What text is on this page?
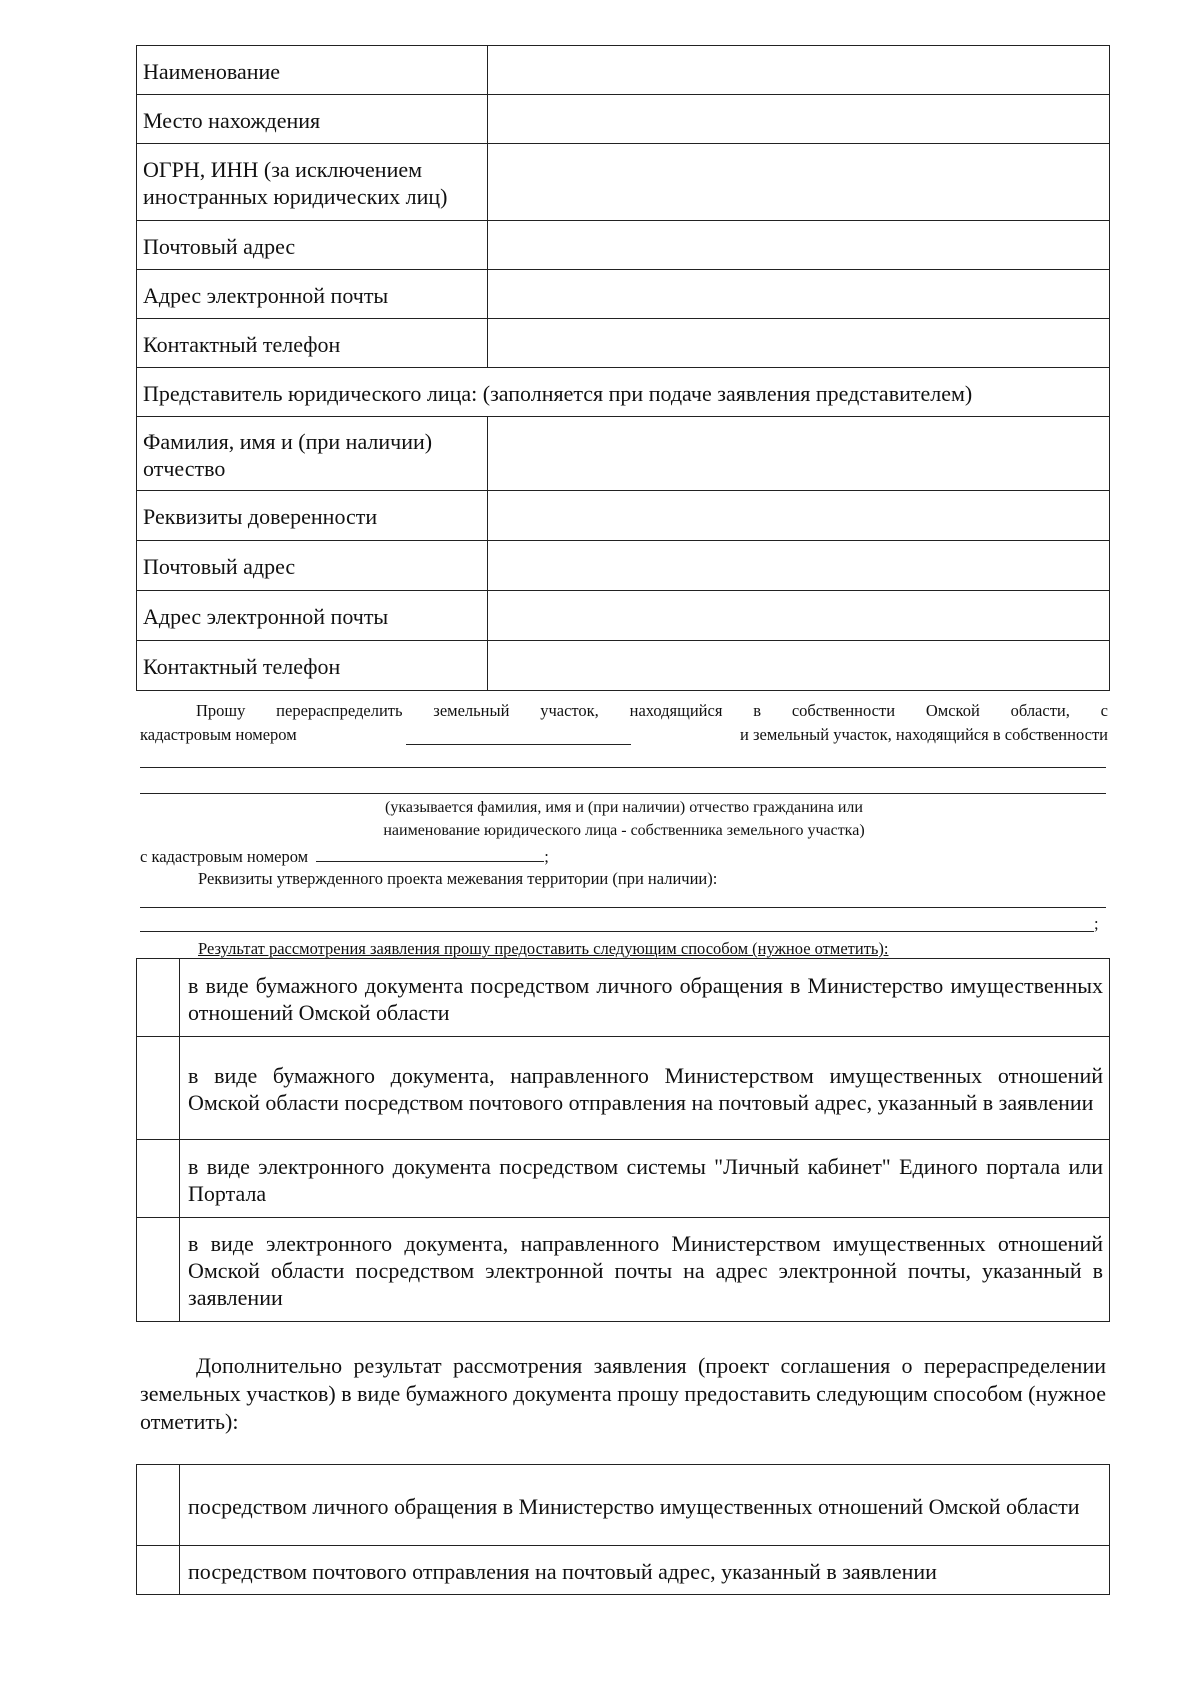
Наименование	
Место нахождения	
ОГРН, ИНН (за исключением иностранных юридических лиц)	
Почтовый адрес	
Адрес электронной почты	
Контактный телефон	
Представитель юридического лица: (заполняется при подаче заявления представителем)	
Фамилия, имя и (при наличии) отчество	
Реквизиты доверенности	
Почтовый адрес	
Адрес электронной почты	
Контактный телефон	
Прошу перераспределить земельный участок, находящийся в собственности Омской области, с
кадастровым номером	и земельный участок, находящийся в собственности
(указывается фамилия, имя и (при наличии) отчество гражданина или
наименование юридического лица - собственника земельного участка)
с кадастровым номером	;
Реквизиты утвержденного проекта межевания территории (при наличии):
;
Результат рассмотрения заявления прошу предоставить следующим способом (нужное отметить):
	в виде бумажного документа посредством личного обращения в Министерство имущественных отношений Омской области
	в виде бумажного документа, направленного Министерством имущественных отношений Омской области посредством почтового отправления на почтовый адрес, указанный в заявлении
	в виде электронного документа посредством системы "Личный кабинет" Единого портала или Портала
	в виде электронного документа, направленного Министерством имущественных отношений Омской области посредством электронной почты на адрес электронной почты, указанный в заявлении
Дополнительно результат рассмотрения заявления (проект соглашения о перераспределении земельных участков) в виде бумажного документа прошу предоставить следующим способом (нужное отметить):
	посредством личного обращения в Министерство имущественных отношений Омской области
	посредством почтового отправления на почтовый адрес, указанный в заявлении
